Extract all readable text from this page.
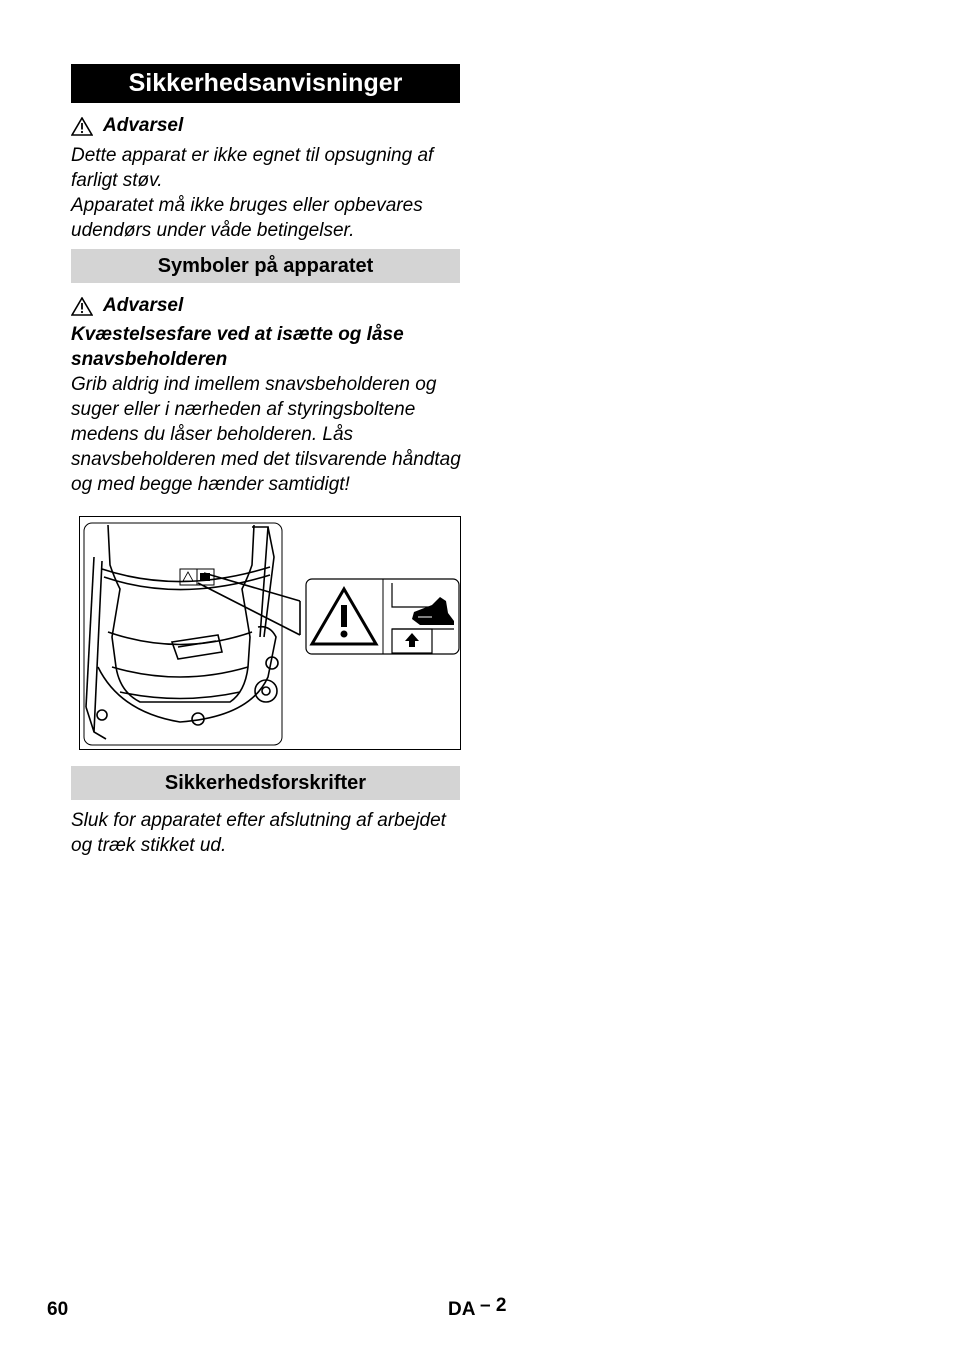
Sikkerhedsanvisninger
Advarsel

Dette apparat er ikke egnet til opsugning af farligt støv.

Apparatet må ikke bruges eller opbevares udendørs under våde betingelser.

Symboler på apparatet
Advarsel

Kvæstelsesfare ved at isætte og låse snavsbeholderen

Grib aldrig ind imellem snavsbeholderen og suger eller i nærheden af styringsboltene medens du låser beholderen. Lås snavsbeholderen med det tilsvarende håndtag og med begge hænder samtidigt!

Sikkerhedsforskrifter

Sluk for apparatet efter afslutning af arbejdet og træk stikket ud.

60	DA – 2
